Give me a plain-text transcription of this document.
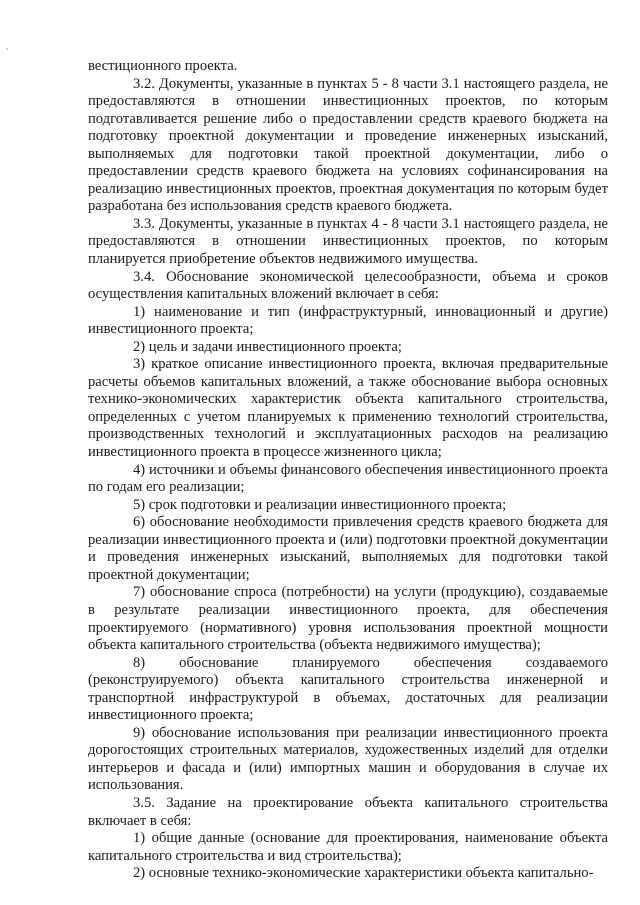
вестиционного проекта.

3.2. Документы, указанные в пунктах 5 - 8 части 3.1 настоящего раздела, не предоставляются в отношении инвестиционных проектов, по которым подготавливается решение либо о предоставлении средств краевого бюджета на подготовку проектной документации и проведение инженерных изысканий, выполняемых для подготовки такой проектной документации, либо о предоставлении средств краевого бюджета на условиях софинансирования на реализацию инвестиционных проектов, проектная документация по которым будет разработана без использования средств краевого бюджета.

3.3. Документы, указанные в пунктах 4 - 8 части 3.1 настоящего раздела, не предоставляются в отношении инвестиционных проектов, по которым планируется приобретение объектов недвижимого имущества.

3.4. Обоснование экономической целесообразности, объема и сроков осуществления капитальных вложений включает в себя:

1) наименование и тип (инфраструктурный, инновационный и другие) инвестиционного проекта;

2) цель и задачи инвестиционного проекта;

3) краткое описание инвестиционного проекта, включая предварительные расчеты объемов капитальных вложений, а также обоснование выбора основных технико-экономических характеристик объекта капитального строительства, определенных с учетом планируемых к применению технологий строительства, производственных технологий и эксплуатационных расходов на реализацию инвестиционного проекта в процессе жизненного цикла;

4) источники и объемы финансового обеспечения инвестиционного проекта по годам его реализации;

5) срок подготовки и реализации инвестиционного проекта;

6) обоснование необходимости привлечения средств краевого бюджета для реализации инвестиционного проекта и (или) подготовки проектной документации и проведения инженерных изысканий, выполняемых для подготовки такой проектной документации;

7) обоснование спроса (потребности) на услуги (продукцию), создаваемые в результате реализации инвестиционного проекта, для обеспечения проектируемого (нормативного) уровня использования проектной мощности объекта капитального строительства (объекта недвижимого имущества);

8) обоснование планируемого обеспечения создаваемого (реконструируемого) объекта капитального строительства инженерной и транспортной инфраструктурой в объемах, достаточных для реализации инвестиционного проекта;

9) обоснование использования при реализации инвестиционного проекта дорогостоящих строительных материалов, художественных изделий для отделки интерьеров и фасада и (или) импортных машин и оборудования в случае их использования.

3.5. Задание на проектирование объекта капитального строительства включает в себя:

1) общие данные (основание для проектирования, наименование объекта капитального строительства и вид строительства);

2) основные технико-экономические характеристики объекта капитально-
